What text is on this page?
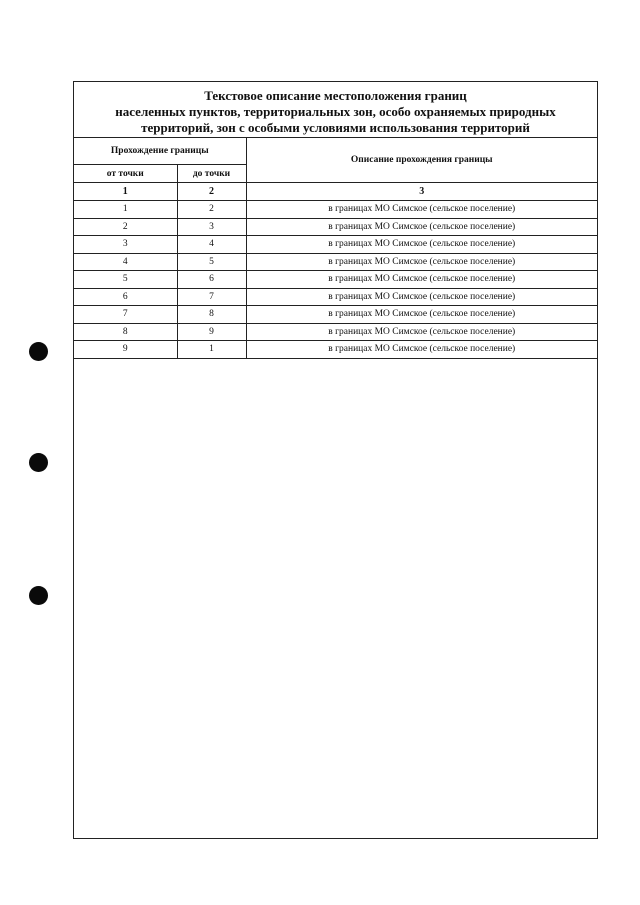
Текстовое описание местоположения границ
населенных пунктов, территориальных зон, особо охраняемых природных
территорий, зон с особыми условиями использования территорий
Прохождение границы		Описание прохождения границы
от точки	до точки	
1	2	3
1	2	в границах МО Симское (сельское поселение)
2	3	в границах МО Симское (сельское поселение)
3	4	в границах МО Симское (сельское поселение)
4	5	в границах МО Симское (сельское поселение)
5	6	в границах МО Симское (сельское поселение)
6	7	в границах МО Симское (сельское поселение)
7	8	в границах МО Симское (сельское поселение)
8	9	в границах МО Симское (сельское поселение)
9	1	в границах МО Симское (сельское поселение)
